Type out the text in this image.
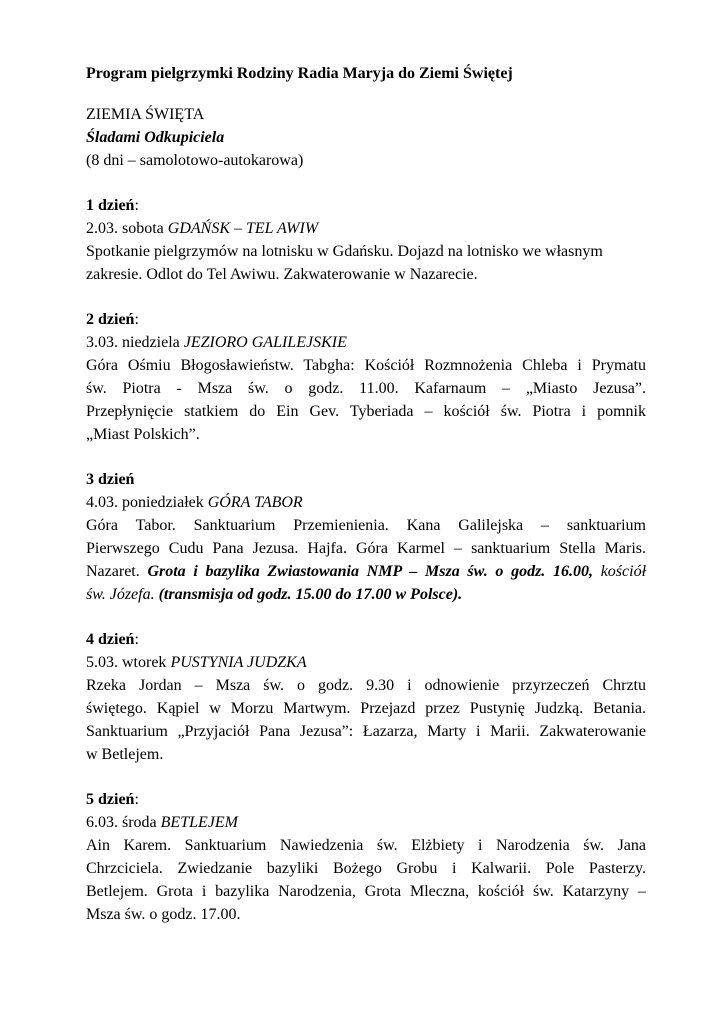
Program pielgrzymki Rodziny Radia Maryja do Ziemi Świętej

ZIEMIA ŚWIĘTA

Śladami Odkupiciela

(8 dni – samolotowo-autokarowa)

1 dzień:

2.03. sobota GDAŃSK – TEL AWIW

Spotkanie pielgrzymów na lotnisku w Gdańsku. Dojazd na lotnisko we własnym

zakresie. Odlot do Tel Awiwu. Zakwaterowanie w Nazarecie.

2 dzień:

3.03. niedziela JEZIORO GALILEJSKIE

Góra Ośmiu Błogosławieństw. Tabgha: Kościół Rozmnożenia Chleba i Prymatu

św. Piotra - Msza św. o godz. 11.00. Kafarnaum – „Miasto Jezusa”.

Przepłynięcie statkiem do Ein Gev. Tyberiada – kościół św. Piotra i pomnik

„Miast Polskich”.

3 dzień

4.03. poniedziałek GÓRA TABOR

Góra Tabor. Sanktuarium Przemienienia. Kana Galilejska – sanktuarium

Pierwszego Cudu Pana Jezusa. Hajfa. Góra Karmel – sanktuarium Stella Maris.

Nazaret. Grota i bazylika Zwiastowania NMP – Msza św. o godz. 16.00, kościół

św. Józefa. (transmisja od godz. 15.00 do 17.00 w Polsce).

4 dzień:

5.03. wtorek PUSTYNIA JUDZKA

Rzeka Jordan – Msza św. o godz. 9.30 i odnowienie przyrzeczeń Chrztu

świętego. Kąpiel w Morzu Martwym. Przejazd przez Pustynię Judzką. Betania.

Sanktuarium „Przyjaciół Pana Jezusa”: Łazarza, Marty i Marii. Zakwaterowanie

w Betlejem.

5 dzień:

6.03. środa BETLEJEM

Ain Karem. Sanktuarium Nawiedzenia św. Elżbiety i Narodzenia św. Jana

Chrzciciela. Zwiedzanie bazyliki Bożego Grobu i Kalwarii. Pole Pasterzy.

Betlejem. Grota i bazylika Narodzenia, Grota Mleczna, kościół św. Katarzyny –

Msza św. o godz. 17.00.
